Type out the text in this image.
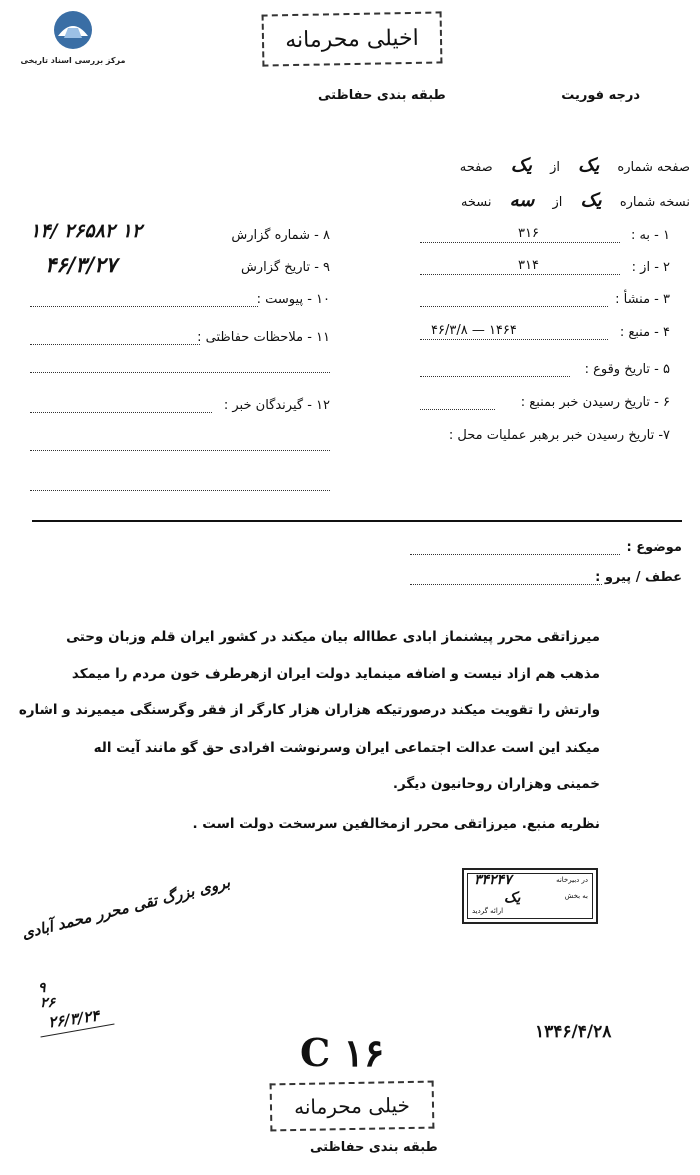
مرکز بررسی اسناد تاریخی
اخیلی محرمانه
درجه فوریت
طبقه بندی حفاظتی
صفحه شماره یک از یک صفحه
نسخه شماره یک از سه نسخه
۱ - به :
۳۱۶
۲ - از :
۳۱۴
۳ - منشأ :
۴ - منبع :
۴۶/۳/۸ — ۱۴۶۴
۵ - تاریخ وقوع :
۶ - تاریخ رسیدن خبر بمنبع :
۷- تاریخ رسیدن خبر برهبر عملیات محل :
۸ - شماره گزارش
۱۴/ ۲۶۵۸۲ ۱۲
۹ - تاریخ گزارش
۴۶/۳/۲۷
۱۰ - پیوست :
۱۱ - ملاحظات حفاظتی :
۱۲ - گیرندگان خبر :
موضوع :
عطف / پیرو :
میرزاتقی محرر پیشنماز ابادی عطااله بیان میکند در کشور ایران قلم وزبان وحتی
مذهب هم ازاد نیست و اضافه مینماید دولت ایران ازهرطرف خون مردم را میمکد
وارتش را تقویت میکند درصورتیکه هزاران هزار کارگر از فقر وگرسنگی میمیرند و اشاره
میکند این است عدالت اجتماعی ایران وسرنوشت افرادی حق گو مانند آیت اله
خمینی وهزاران روحانیون دیگر.
نظریه منبع. میرزاتقی محرر ازمخالفین سرسخت دولت است .
در دبیرخانه
به بخش
ارائه گردید
۳۴۲۴۷
یک
بروی بزرگ تقی محرر محمد آبادی
۹
۲۶
۲۶/۳/۲۴
۱۳۴۶/۴/۲۸
C ۱۶
خیلی محرمانه
طبقه بندی حفاظتی
